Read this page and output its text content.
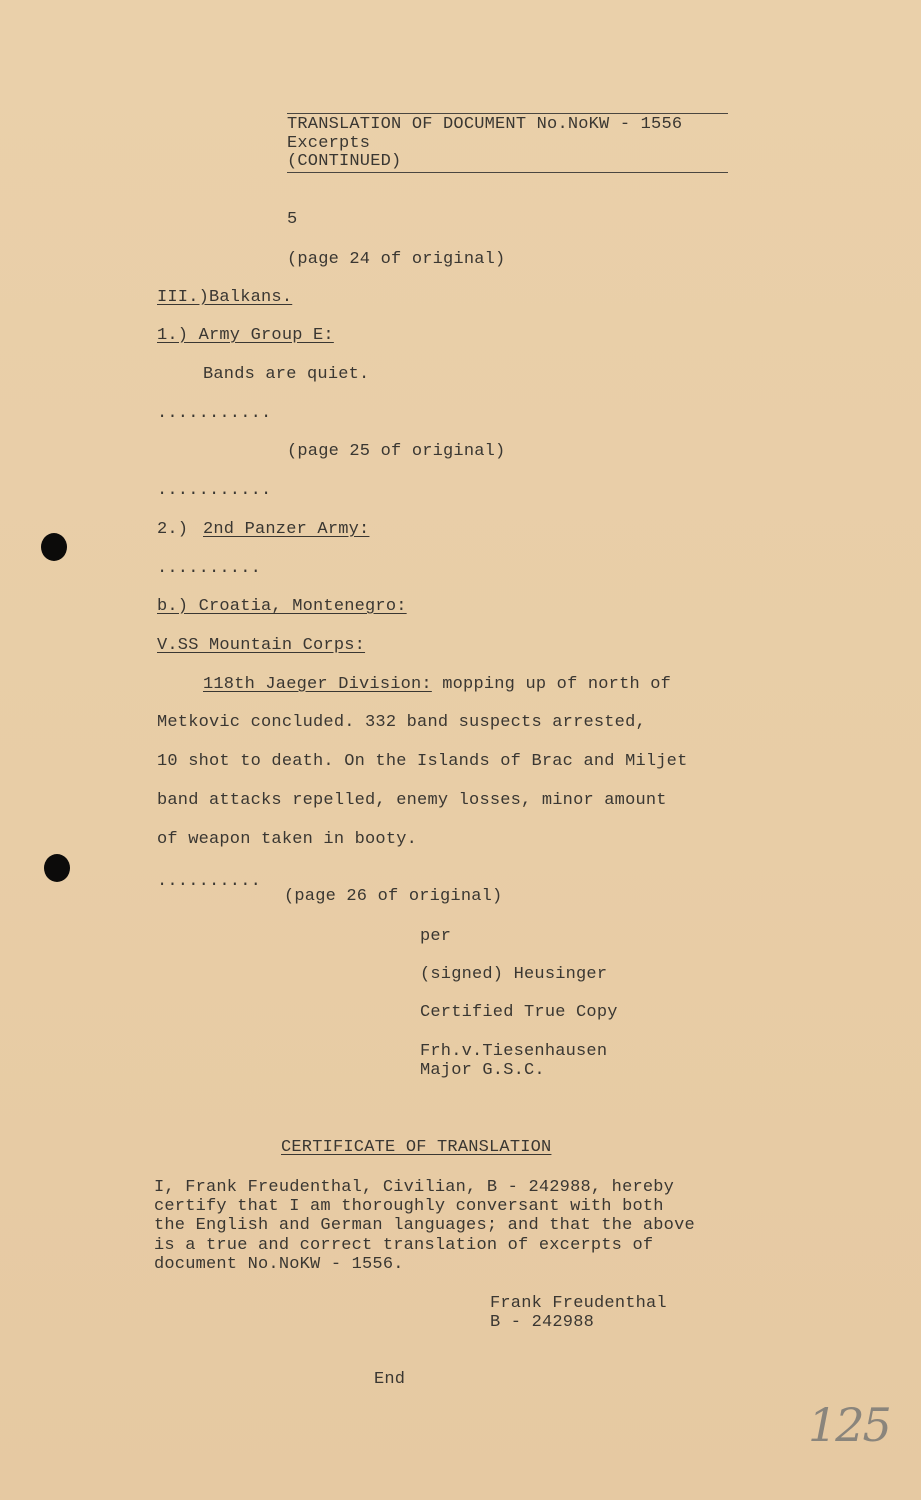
TRANSLATION OF DOCUMENT No.NoKW - 1556
Excerpts
(CONTINUED)
5
(page 24 of original)
III.)Balkans.
1.) Army Group E:
Bands are quiet.
...........
(page 25 of original)
...........
2.) 2nd Panzer Army:
..........
b.) Croatia, Montenegro:
V.SS Mountain Corps:
118th Jaeger Division: mopping up of north of
Metkovic concluded. 332 band suspects arrested,
10 shot to death. On the Islands of Brac and Miljet
band attacks repelled, enemy losses, minor amount
of weapon taken in booty.
..........
(page 26 of original)
per
(signed) Heusinger
Certified True Copy
Frh.v.Tiesenhausen
Major G.S.C.
CERTIFICATE OF TRANSLATION
I, Frank Freudenthal, Civilian, B - 242988, hereby
certify that I am thoroughly conversant with both
the English and German languages; and that the above
is a true and correct translation of excerpts of
document No.NoKW - 1556.
Frank Freudenthal
B - 242988
End
125
